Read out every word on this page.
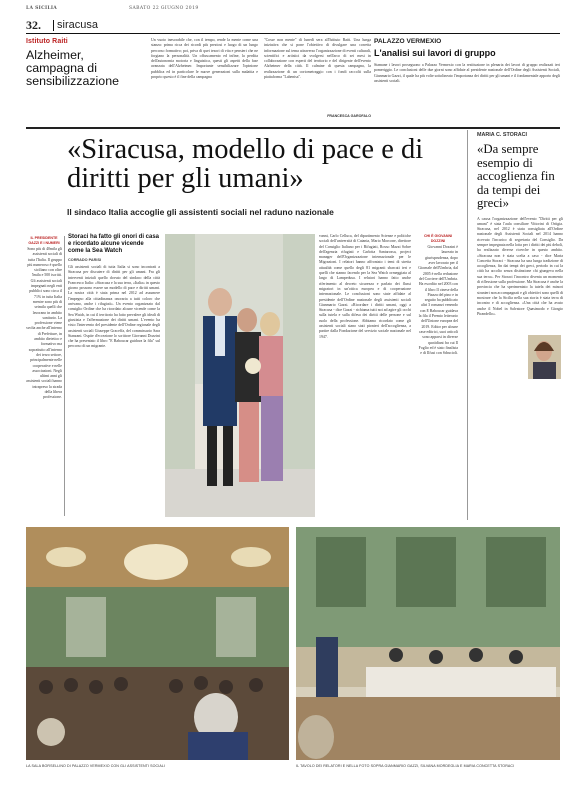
LA SICILIA	SABATO 22 GIUGNO 2019
32. siracusa
Istituto Raiti
Alzheimer, campagna di sensibilizzazione
Un vuoto inesorabile che, con il tempo, rende la mente come una stanza: prima ricca dei ricordi più preziosi e luogo di un lungo percorso formativo; poi, priva di quei tesori di vita e pensieri che ne forgiano la personalità. Un offuscamento ed infine, la perdita dell'autonomia motoria e linguistica, questi gli aspetti della fase avanzata dell'Alzheimer. Importante sensibilizzare l'opinione pubblica ed in particolare le nuove generazioni sulla malattia e proprio questo è il fine della campagna
"Cosse non mente" di lunedì sera all'Istituto Raiti. Una lunga iniziativa che si pone l'obiettivo di divulgare una corretta informazione sul tema attraverso l'organizzazione di eventi culturali, scientifici e artistici da svolgersi nell'arco di sei mesi in collaborazione con esperti del territorio e del dirigente dell'evento Alzheimer della città. Il culmine di questa campagna, la realizzazione di un cortometraggio con i fondi raccolti sulla piattaforma "Labenisa".
FRANCESCA GAROFALO
PALAZZO VERMEXIO
L'analisi sui lavori di gruppo
Stamane i lavori proseguono a Palazzo Vermexio con la restituzione in plenaria dei lavori di gruppo realizzati ieri pomeriggio. Le conclusioni delle due giorni sono affidate al presidente nazionale dell'Ordine degli Assistenti Sociali, Gianmario Gazzi, il quale ha più volte sottolineato l'importanza dei diritti per gli umani e il fondamentale apporto degli assistenti sociali.
«Siracusa, modello di pace e di diritti per gli umani»
Il sindaco Italia accoglie gli assistenti sociali nel raduno nazionale
IL PRESIDENTE GAZZI E I NUMERI
Sono più di 40mila gli assistenti sociali di tutta l'Italia. Il gruppo più numeroso è quello siciliano con oltre 5mila e 500 iscritti. Gli assistenti sociali impegnati negli enti pubblici sono circa il 71% in tutta Italia mentre sono più di seimila quelli che lavorano in ambito sanitario. La professione viene svolta anche all'interno di Prefetture, in ambito dietetico e formativo ma soprattutto all'interno dei terzo settore, principalmente nelle cooperative e nelle associazioni. Negli ultimi anni gli assistenti sociali hanno intrapreso la strada della libera professione.
Storaci ha fatto gli onori di casa e ricordato alcune vicende come la Sea Watch
CORRADO PARISI
Gli assistenti sociali di tutta Italia si sono incontrati a Siracusa per discutere di diritti per gli umani. Fra gli interventi iniziali quello dovuto del sindaco della città Francesco Italia: «Siracusa e la sua terra, «Italia» in questo giorno possono essere un modello di pace e diritti umani. La nostra città è stata prima nel 2012 ad assumere l'impegno alla cittadinanza onoraria a tutti coloro che arrivano, anche i rifugiati». Un evento organizzato dal consiglio Ordine che ha ricordato alcune vicende come la Sea Watch, in cui il territorio ha fatto prevalere gli ideali di giustizia e l'affermazione dei diritti umani. L'evento ha visto l'intervento del presidente dell'Ordine regionale degli assistenti sociali Giuseppe Graceffa, del commissario Sara Stanzani. Ospite d'eccezione lo scrittore Giovanni Dozzini che ha presentato il libro "E Baboucar guidava la fila" sul percorso di un migrante.
vanni, Carlo Celluca, del dipartimento Scienze e politiche sociali dell'università di Catania, Mario Morcone, direttore del Consiglio Italiano per i Rifugiati, Rosso Mazzi Sobre dell'agenzia rifugiati e Carlotta Santarossa, project manager dell'Organizzazione internazionale per le Migrazioni. I relatori hanno affrontato i temi di stretta attualità come quello degli 81 migranti sbarcati ieri e quelli che stanno facendo per la Sea Watch ormeggiata al largo di Lampedusa. I relatori hanno fatto anche riferimento al decreto sicurezza e parlato dei flussi migratori in un'ottica europea e di cooperazione internazionale. Le conclusioni sono state affidate al presidente dell'Ordine nazionale degli assistenti sociali Gianmario Gazzi. «Ricordare i diritti umani, oggi a Siracusa - dice Gazzi - richiama tutti noi ad agire gli occhi sulla tutela e sulla difesa dei diritti delle persone e sul ruolo della professione. Abbiamo ricordato come gli assistenti sociali siano stati pionieri dell'accoglienza, a partire dalla Fondazione del servizio sociale nazionale nel 1947.
CHI È GIOVANNI DOZZINI
Giovanni Dozzini è laureato in giurisprudenza, dopo aver lavorato per il Giornale dell'Umbria, dal 2005 è nella redazione del Corriere dell'Umbria. Ha esordito nel 2003 con il libro Il cinese della Piazza del pino e in seguito ha pubblicato altri 3 romanzi venendo con E Baboucar guidava la fila il Premio letterario dell'Unione europea del 2019. Editor per alcune case editrici, suoi articoli sono apparsi in diverse quotidiani fra cui Il Foglio ed è stato finalista e di Ilfusi con Sdrucioli.
MARIA C. STORACI
«Da sempre esempio di accoglienza fin da tempi dei greci»
A causa l'organizzazione dell'evento "Diritti per gli umani" è stata l'aula consiliare Vittorini di Ortigia. Siracusa, nel 2012 è stata consigliata all'Ordine nazionale degli Assistenti Sociali nel 2014 hanno ricevuto l'incarico di segretaria del Consiglio. Da sempre impegnata nella lotta per i diritti dei più deboli, ha realizzato diverse ricerche in questo ambito. «Siracusa non è stata scelta a caso - dice Maria Concetta Storaci - Siracusa ha una lunga tradizione di accoglienza, fin dai tempi dei greci, periodo in cui la città ha accolto senza distinzione chi giungeva nella sua terra». Per Storaci l'incontro diventa un momento di riflessione sulla professione. Ma Siracusa è anche la provincia che ha sperimentato la tutela dei minori stranieri non accompagnati e gli obiettivi sono quelli di mostrare che la Sicilia nella sua storia è stata terra di incontro e di accoglienza. «Una città che ha avuto anche il Nobel in Salvatore Quasimodo e Giorgio Pirandello».
LA SALA BORSELLINO DI PALAZZO VERMEXIO CON GLI ASSISTENTI SOCIALI	IL TAVOLO DEI RELATORI E NELLA FOTO SOPRA GIANMARIO GAZZI, SILVANA MORDEGLIA E MARIA CONCETTA STORACI
